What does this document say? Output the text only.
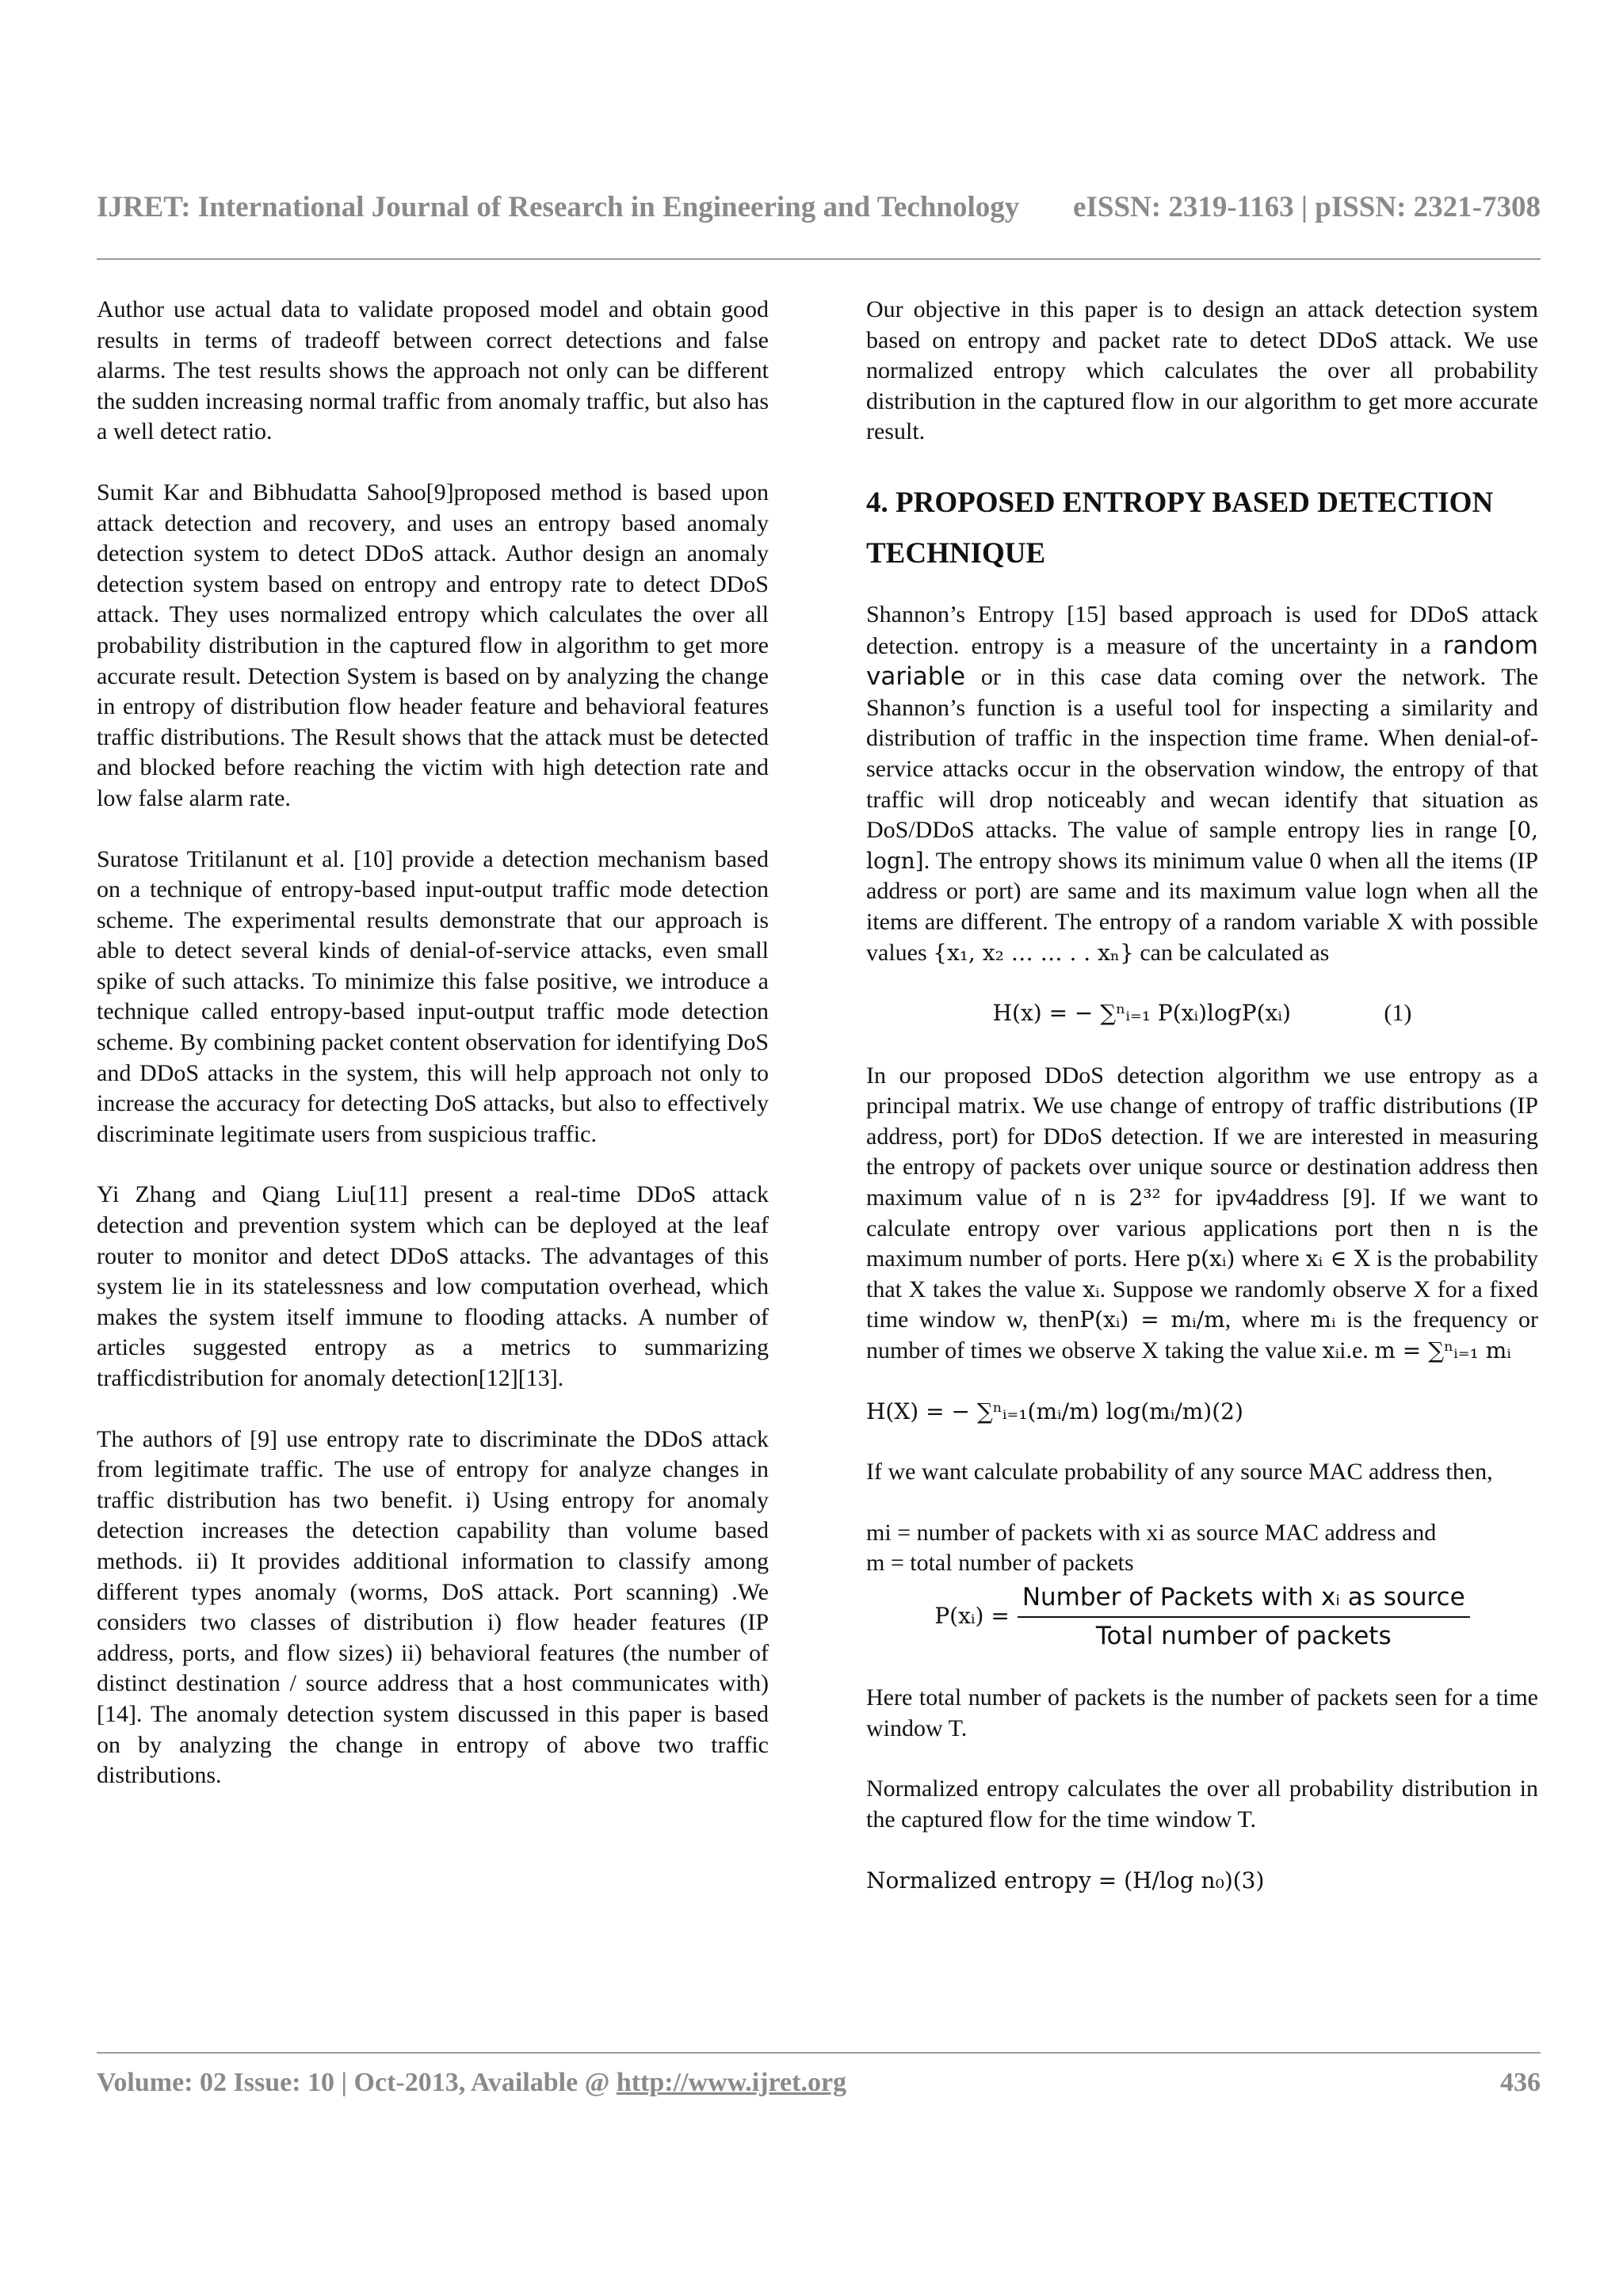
IJRET: International Journal of Research in Engineering and Technology eISSN: 2319-1163 | pISSN: 2321-7308

Author use actual data to validate proposed model and obtain good results in terms of tradeoff between correct detections and false alarms. The test results shows the approach not only can be different the sudden increasing normal traffic from anomaly traffic, but also has a well detect ratio.

Sumit Kar and Bibhudatta Sahoo[9]proposed method is based upon attack detection and recovery, and uses an entropy based anomaly detection system to detect DDoS attack. Author design an anomaly detection system based on entropy and entropy rate to detect DDoS attack. They uses normalized entropy which calculates the over all probability distribution in the captured flow in algorithm to get more accurate result. Detection System is based on by analyzing the change in entropy of distribution flow header feature and behavioral features traffic distributions. The Result shows that the attack must be detected and blocked before reaching the victim with high detection rate and low false alarm rate.

Suratose Tritilanunt et al. [10] provide a detection mechanism based on a technique of entropy-based input-output traffic mode detection scheme. The experimental results demonstrate that our approach is able to detect several kinds of denial-of-service attacks, even small spike of such attacks. To minimize this false positive, we introduce a technique called entropy-based input-output traffic mode detection scheme. By combining packet content observation for identifying DoS and DDoS attacks in the system, this will help approach not only to increase the accuracy for detecting DoS attacks, but also to effectively discriminate legitimate users from suspicious traffic.

Yi Zhang and Qiang Liu[11] present a real-time DDoS attack detection and prevention system which can be deployed at the leaf router to monitor and detect DDoS attacks. The advantages of this system lie in its statelessness and low computation overhead, which makes the system itself immune to flooding attacks. A number of articles suggested entropy as a metrics to summarizing trafficdistribution for anomaly detection[12][13].

The authors of [9] use entropy rate to discriminate the DDoS attack from legitimate traffic. The use of entropy for analyze changes in traffic distribution has two benefit. i) Using entropy for anomaly detection increases the detection capability than volume based methods. ii) It provides additional information to classify among different types anomaly (worms, DoS attack. Port scanning) .We considers two classes of distribution i) flow header features (IP address, ports, and flow sizes) ii) behavioral features (the number of distinct destination / source address that a host communicates with) [14]. The anomaly detection system discussed in this paper is based on by analyzing the change in entropy of above two traffic distributions.

Our objective in this paper is to design an attack detection system based on entropy and packet rate to detect DDoS attack. We use normalized entropy which calculates the over all probability distribution in the captured flow in our algorithm to get more accurate result.

4. PROPOSED ENTROPY BASED DETECTION
TECHNIQUE

Shannon’s Entropy [15] based approach is used for DDoS attack detection. entropy is a measure of the uncertainty in a random variable or in this case data coming over the network. The Shannon’s function is a useful tool for inspecting a similarity and distribution of traffic in the inspection time frame. When denial-of-service attacks occur in the observation window, the entropy of that traffic will drop noticeably and wecan identify that situation as DoS/DDoS attacks. The value of sample entropy lies in range [0, logn]. The entropy shows its minimum value 0 when all the items (IP address or port) are same and its maximum value logn when all the items are different. The entropy of a random variable X with possible values {x₁, x₂ … … . . xₙ} can be calculated as

H(x) = − ∑ⁿᵢ₌₁ P(xᵢ)logP(xᵢ)	(1)

In our proposed DDoS detection algorithm we use entropy as a principal matrix. We use change of entropy of traffic distributions (IP address, port) for DDoS detection. If we are interested in measuring the entropy of packets over unique source or destination address then maximum value of n is 2³² for ipv4address [9]. If we want to calculate entropy over various applications port then n is the maximum number of ports. Here p(xᵢ) where xᵢ ∈ X is the probability that X takes the value xᵢ. Suppose we randomly observe X for a fixed time window w, thenP(xᵢ) = mᵢ/m, where mᵢ is the frequency or number of times we observe X taking the value xᵢi.e. m = ∑ⁿᵢ₌₁ mᵢ

H(X) = − ∑ⁿᵢ₌₁(mᵢ/m) log(mᵢ/m)(2)

If we want calculate probability of any source MAC address then,

mi = number of packets with xi as source MAC address and

m = total number of packets

P(xᵢ) = $\frac{\text{Number of Packets with xᵢ as source}}{\text{Total number of packets}}$

Here total number of packets is the number of packets seen for a time window T.

Normalized entropy calculates the over all probability distribution in the captured flow for the time window T.

Normalized entropy = (H/log n₀)(3)

Volume: 02 Issue: 10 | Oct-2013, Available @ http://www.ijret.org	436
